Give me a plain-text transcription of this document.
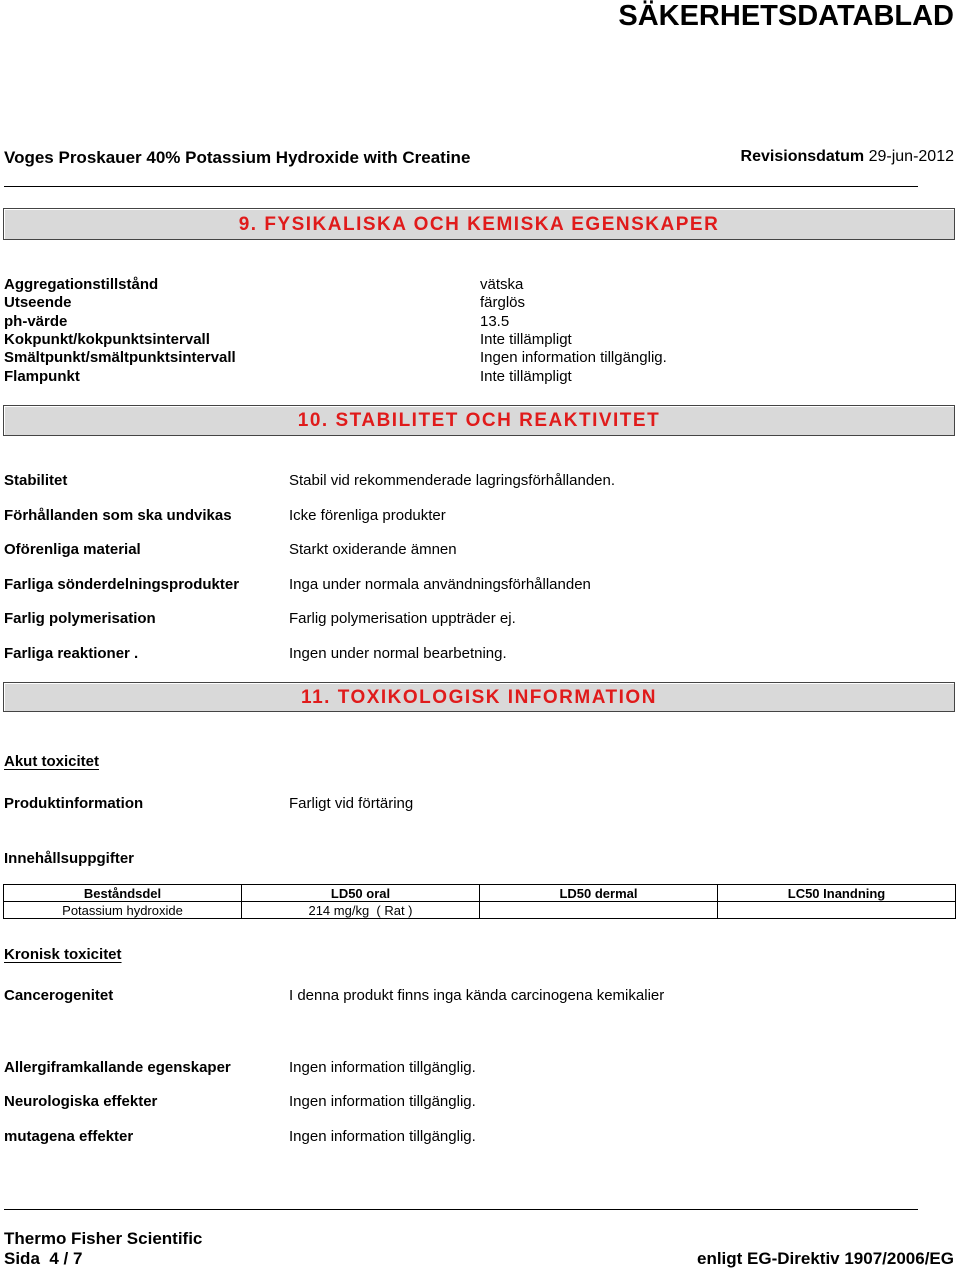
SÄKERHETSDATABLAD
Voges Proskauer 40% Potassium Hydroxide with Creatine	Revisionsdatum 29-jun-2012
9. FYSIKALISKA OCH KEMISKA EGENSKAPER
Aggregationstillstånd	vätska
Utseende	färglös
ph-värde	13.5
Kokpunkt/kokpunktsintervall	Inte tillämpligt
Smältpunkt/smältpunktsintervall	Ingen information tillgänglig.
Flampunkt	Inte tillämpligt
10. STABILITET OCH REAKTIVITET
Stabilitet	Stabil vid rekommenderade lagringsförhållanden.
Förhållanden som ska undvikas	Icke förenliga produkter
Oförenliga material	Starkt oxiderande ämnen
Farliga sönderdelningsprodukter	Inga under normala användningsförhållanden
Farlig polymerisation	Farlig polymerisation uppträder ej.
Farliga reaktioner .	Ingen under normal bearbetning.
11. TOXIKOLOGISK INFORMATION
Akut toxicitet
Produktinformation	Farligt vid förtäring
Innehållsuppgifter
Beståndsdel	LD50 oral	LD50 dermal	LC50 Inandning
Potassium hydroxide	214 mg/kg  ( Rat )		
Kronisk toxicitet
Cancerogenitet	I denna produkt finns inga kända carcinogena kemikalier
Allergiframkallande egenskaper	Ingen information tillgänglig.
Neurologiska effekter	Ingen information tillgänglig.
mutagena effekter	Ingen information tillgänglig.
Thermo Fisher Scientific
Sida  4 / 7	enligt EG-Direktiv 1907/2006/EG
